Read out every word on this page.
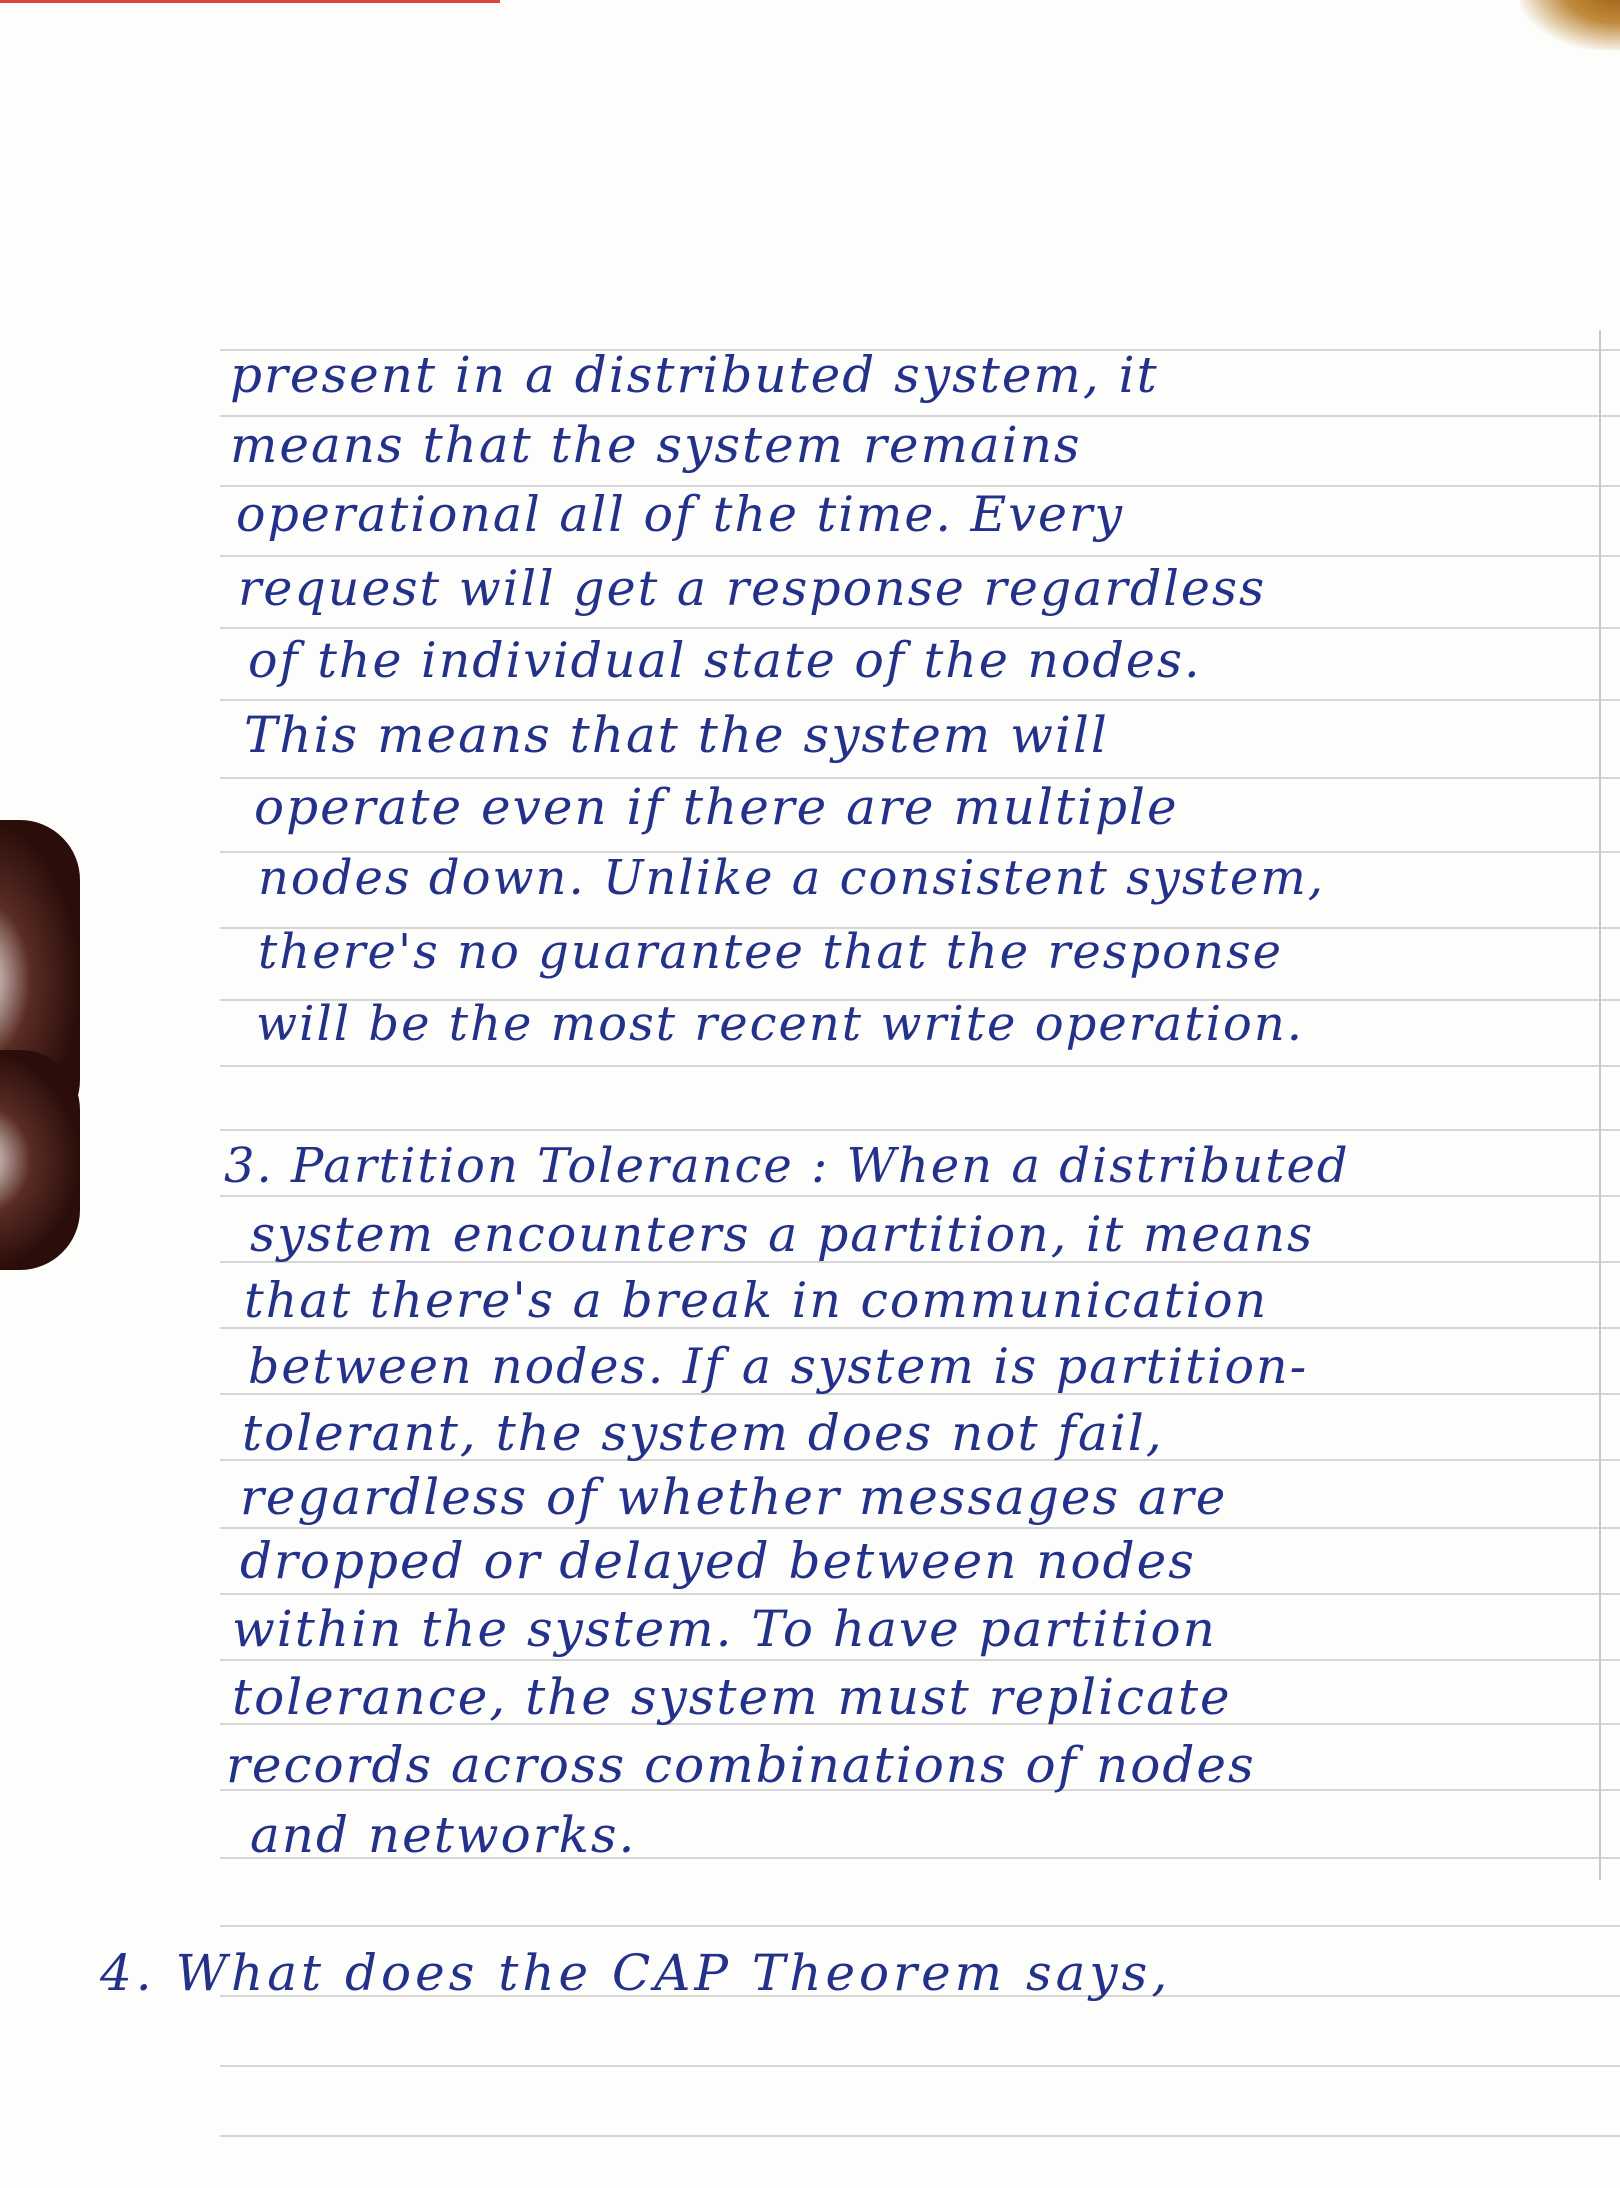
present in a distributed system, it
means that the system remains
operational all of the time. Every
request will get a response regardless
of the individual state of the nodes.
This means that the system will
operate even if there are multiple
nodes down. Unlike a consistent system,
there's no guarantee that the response
will be the most recent write operation.
3. Partition Tolerance : When a distributed
system encounters a partition, it means
that there's a break in communication
between nodes. If a system is partition-
tolerant, the system does not fail,
regardless of whether messages are
dropped or delayed between nodes
within the system. To have partition
tolerance, the system must replicate
records across combinations of nodes
and networks.
4. What does the CAP Theorem says,
